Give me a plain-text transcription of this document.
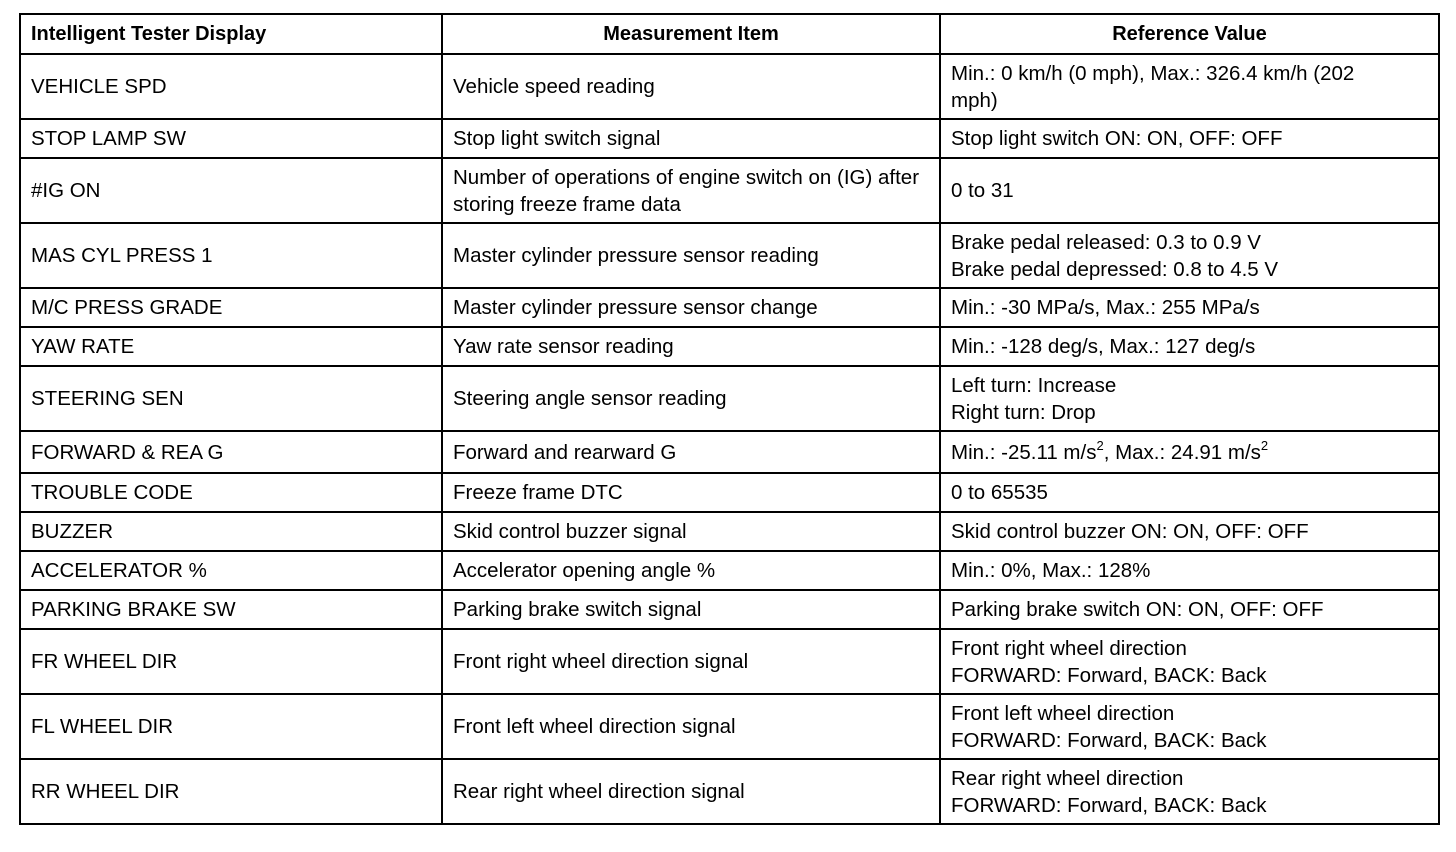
Intelligent Tester Display	Measurement Item	Reference Value
VEHICLE SPD	Vehicle speed reading	Min.: 0 km/h (0 mph), Max.: 326.4 km/h (202
mph)

STOP LAMP SW	Stop light switch signal	Stop light switch ON: ON, OFF: OFF

#IG ON	Number of operations of engine switch on (IG) after storing freeze frame data	0 to 31

MAS CYL PRESS 1	Master cylinder pressure sensor reading	Brake pedal released: 0.3 to 0.9 V
Brake pedal depressed: 0.8 to 4.5 V

M/C PRESS GRADE	Master cylinder pressure sensor change	Min.: -30 MPa/s, Max.: 255 MPa/s

YAW RATE	Yaw rate sensor reading	Min.: -128 deg/s, Max.: 127 deg/s

STEERING SEN	Steering angle sensor reading	Left turn: Increase
Right turn: Drop

FORWARD & REA G	Forward and rearward G	Min.: -25.11 $m/s^2$, Max.: 24.91 $m/s^2$
TROUBLE CODE	Freeze frame DTC	0 to 65535

BUZZER	Skid control buzzer signal	Skid control buzzer ON: ON, OFF: OFF

ACCELERATOR %	Accelerator opening angle %	Min.: 0%, Max.: 128%

PARKING BRAKE SW	Parking brake switch signal	Parking brake switch ON: ON, OFF: OFF

FR WHEEL DIR	Front right wheel direction signal	Front right wheel direction
FORWARD: Forward, BACK: Back

FL WHEEL DIR	Front left wheel direction signal	Front left wheel direction
FORWARD: Forward, BACK: Back

RR WHEEL DIR	Rear right wheel direction signal	Rear right wheel direction
FORWARD: Forward, BACK: Back
